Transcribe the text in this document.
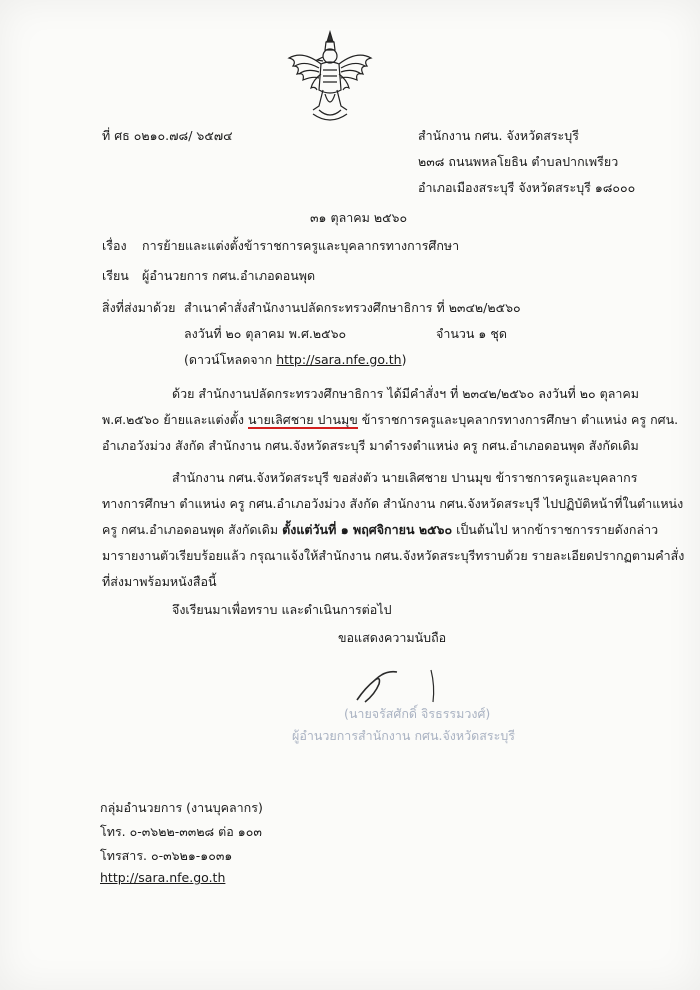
ที่ ศธ ๐๒๑๐.๗๘/ ๖๕๗๔	สำนักงาน กศน. จังหวัดสระบุรี
๒๓๘ ถนนพหลโยธิน ตำบลปากเพรียว
อำเภอเมืองสระบุรี จังหวัดสระบุรี ๑๘๐๐๐
๓๑ ตุลาคม ๒๕๖๐
เรื่อง การย้ายและแต่งตั้งข้าราชการครูและบุคลากรทางการศึกษา
เรียน ผู้อำนวยการ กศน.อำเภอดอนพุด
สิ่งที่ส่งมาด้วย สำเนาคำสั่งสำนักงานปลัดกระทรวงศึกษาธิการ ที่ ๒๓๔๒/๒๕๖๐
ลงวันที่ ๒๐ ตุลาคม พ.ศ.๒๕๖๐	จำนวน ๑ ชุด
(ดาวน์โหลดจาก http://sara.nfe.go.th)
ด้วย สำนักงานปลัดกระทรวงศึกษาธิการ ได้มีคำสั่งฯ ที่ ๒๓๔๒/๒๕๖๐ ลงวันที่ ๒๐ ตุลาคม
พ.ศ.๒๕๖๐ ย้ายและแต่งตั้ง นายเลิศชาย ปานมุข ข้าราชการครูและบุคลากรทางการศึกษา ตำแหน่ง ครู กศน.
อำเภอวังม่วง สังกัด สำนักงาน กศน.จังหวัดสระบุรี มาดำรงตำแหน่ง ครู กศน.อำเภอดอนพุด สังกัดเดิม
สำนักงาน กศน.จังหวัดสระบุรี ขอส่งตัว นายเลิศชาย ปานมุข ข้าราชการครูและบุคลากร
ทางการศึกษา ตำแหน่ง ครู กศน.อำเภอวังม่วง สังกัด สำนักงาน กศน.จังหวัดสระบุรี ไปปฏิบัติหน้าที่ในตำแหน่ง
ครู กศน.อำเภอดอนพุด สังกัดเดิม ตั้งแต่วันที่ ๑ พฤศจิกายน ๒๕๖๐ เป็นต้นไป หากข้าราชการรายดังกล่าว
มารายงานตัวเรียบร้อยแล้ว กรุณาแจ้งให้สำนักงาน กศน.จังหวัดสระบุรีทราบด้วย รายละเอียดปรากฏตามคำสั่ง
ที่ส่งมาพร้อมหนังสือนี้
จึงเรียนมาเพื่อทราบ และดำเนินการต่อไป
ขอแสดงความนับถือ
(นายจรัสศักดิ์ จิรธรรมวงศ์)
ผู้อำนวยการสำนักงาน กศน.จังหวัดสระบุรี
กลุ่มอำนวยการ (งานบุคลากร)
โทร. ๐-๓๖๒๒-๓๓๒๘ ต่อ ๑๐๓
โทรสาร. ๐-๓๖๒๑-๑๐๓๑
http://sara.nfe.go.th
